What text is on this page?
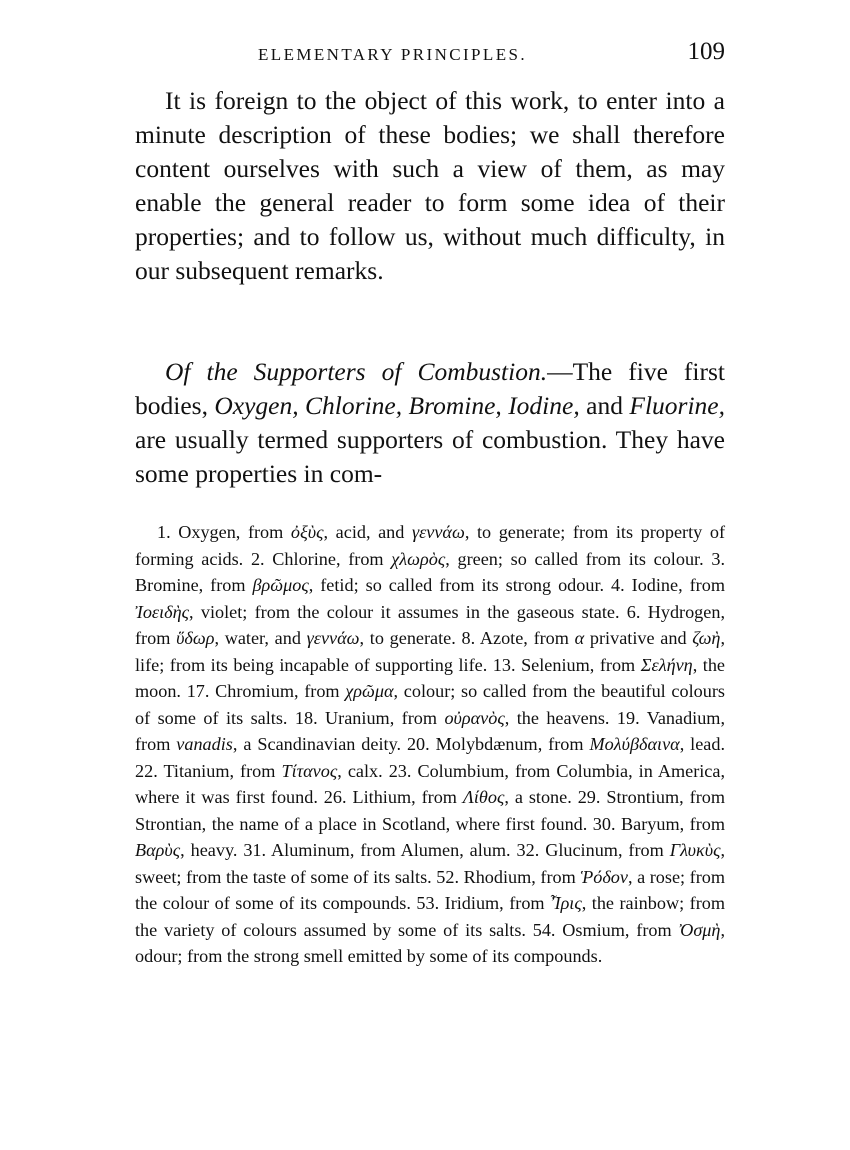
ELEMENTARY PRINCIPLES.	109

It is foreign to the object of this work, to enter into a minute description of these bodies; we shall therefore content ourselves with such a view of them, as may enable the general reader to form some idea of their properties; and to follow us, without much difficulty, in our subsequent remarks.

Of the Supporters of Combustion.—The five first bodies, Oxygen, Chlorine, Bromine, Iodine, and Fluorine, are usually termed supporters of combustion. They have some properties in com-

1. Oxygen, from ὀξὺς, acid, and γεννάω, to generate; from its property of forming acids. 2. Chlorine, from χλωρὸς, green; so called from its colour. 3. Bromine, from βρῶμος, fetid; so called from its strong odour. 4. Iodine, from Ἰοειδὴς, violet; from the colour it assumes in the gaseous state. 6. Hydrogen, from ὕδωρ, water, and γεννάω, to generate. 8. Azote, from α privative and ζωὴ, life; from its being incapable of supporting life. 13. Selenium, from Σελήνη, the moon. 17. Chromium, from χρῶμα, colour; so called from the beautiful colours of some of its salts. 18. Uranium, from οὐρανὸς, the heavens. 19. Vanadium, from vanadis, a Scandinavian deity. 20. Molybdænum, from Μολύβδαινα, lead. 22. Titanium, from Τίτανος, calx. 23. Columbium, from Columbia, in America, where it was first found. 26. Lithium, from Λίθος, a stone. 29. Strontium, from Strontian, the name of a place in Scotland, where first found. 30. Baryum, from Βαρὺς, heavy. 31. Aluminum, from Alumen, alum. 32. Glucinum, from Γλυκὺς, sweet; from the taste of some of its salts. 52. Rhodium, from Ῥόδον, a rose; from the colour of some of its compounds. 53. Iridium, from Ἶρις, the rainbow; from the variety of colours assumed by some of its salts. 54. Osmium, from Ὀσμὴ, odour; from the strong smell emitted by some of its compounds.
